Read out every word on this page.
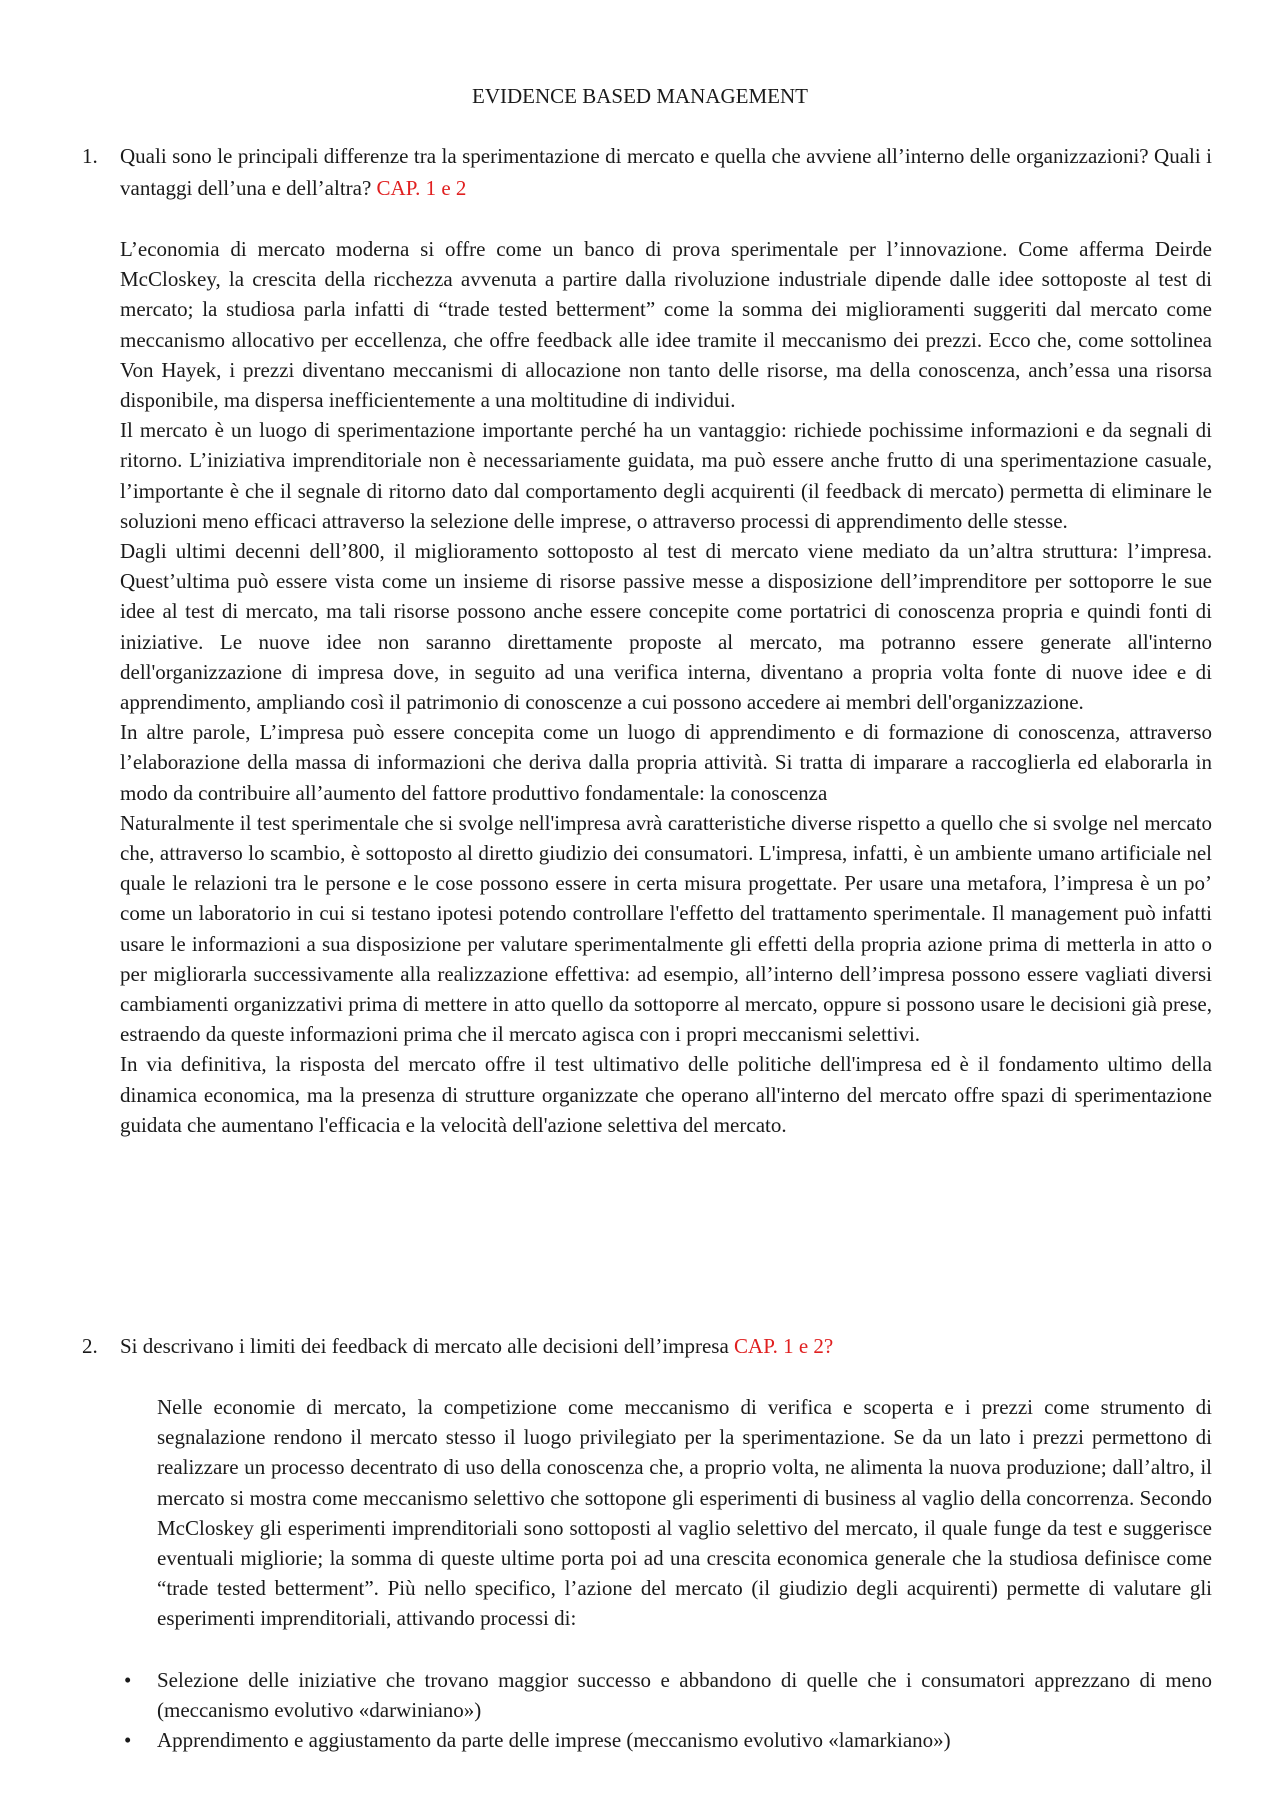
EVIDENCE BASED MANAGEMENT
1. Quali sono le principali differenze tra la sperimentazione di mercato e quella che avviene all’interno delle organizzazioni? Quali i vantaggi dell’una e dell’altra? CAP. 1 e 2

L’economia di mercato moderna si offre come un banco di prova sperimentale per l’innovazione. Come afferma Deirde McCloskey, la crescita della ricchezza avvenuta a partire dalla rivoluzione industriale dipende dalle idee sottoposte al test di mercato; la studiosa parla infatti di “trade tested betterment” come la somma dei miglioramenti suggeriti dal mercato come meccanismo allocativo per eccellenza, che offre feedback alle idee tramite il meccanismo dei prezzi. Ecco che, come sottolinea Von Hayek, i prezzi diventano meccanismi di allocazione non tanto delle risorse, ma della conoscenza, anch’essa una risorsa disponibile, ma dispersa inefficientemente a una moltitudine di individui.

Il mercato è un luogo di sperimentazione importante perché ha un vantaggio: richiede pochissime informazioni e da segnali di ritorno. L’iniziativa imprenditoriale non è necessariamente guidata, ma può essere anche frutto di una sperimentazione casuale, l’importante è che il segnale di ritorno dato dal comportamento degli acquirenti (il feedback di mercato) permetta di eliminare le soluzioni meno efficaci attraverso la selezione delle imprese, o attraverso processi di apprendimento delle stesse.

Dagli ultimi decenni dell’800, il miglioramento sottoposto al test di mercato viene mediato da un’altra struttura: l’impresa. Quest’ultima può essere vista come un insieme di risorse passive messe a disposizione dell’imprenditore per sottoporre le sue idee al test di mercato, ma tali risorse possono anche essere concepite come portatrici di conoscenza propria e quindi fonti di iniziative. Le nuove idee non saranno direttamente proposte al mercato, ma potranno essere generate all'interno dell'organizzazione di impresa dove, in seguito ad una verifica interna, diventano a propria volta fonte di nuove idee e di apprendimento, ampliando così il patrimonio di conoscenze a cui possono accedere ai membri dell'organizzazione.

In altre parole, L’impresa può essere concepita come un luogo di apprendimento e di formazione di conoscenza, attraverso l’elaborazione della massa di informazioni che deriva dalla propria attività. Si tratta di imparare a raccoglierla ed elaborarla in modo da contribuire all’aumento del fattore produttivo fondamentale: la conoscenza

Naturalmente il test sperimentale che si svolge nell'impresa avrà caratteristiche diverse rispetto a quello che si svolge nel mercato che, attraverso lo scambio, è sottoposto al diretto giudizio dei consumatori. L'impresa, infatti, è un ambiente umano artificiale nel quale le relazioni tra le persone e le cose possono essere in certa misura progettate. Per usare una metafora, l’impresa è un po’ come un laboratorio in cui si testano ipotesi potendo controllare l'effetto del trattamento sperimentale. Il management può infatti usare le informazioni a sua disposizione per valutare sperimentalmente gli effetti della propria azione prima di metterla in atto o per migliorarla successivamente alla realizzazione effettiva: ad esempio, all’interno dell’impresa possono essere vagliati diversi cambiamenti organizzativi prima di mettere in atto quello da sottoporre al mercato, oppure si possono usare le decisioni già prese, estraendo da queste informazioni prima che il mercato agisca con i propri meccanismi selettivi.

In via definitiva, la risposta del mercato offre il test ultimativo delle politiche dell'impresa ed è il fondamento ultimo della dinamica economica, ma la presenza di strutture organizzate che operano all'interno del mercato offre spazi di sperimentazione guidata che aumentano l'efficacia e la velocità dell'azione selettiva del mercato.

2. Si descrivano i limiti dei feedback di mercato alle decisioni dell’impresa CAP. 1 e 2?

Nelle economie di mercato, la competizione come meccanismo di verifica e scoperta e i prezzi come strumento di segnalazione rendono il mercato stesso il luogo privilegiato per la sperimentazione. Se da un lato i prezzi permettono di realizzare un processo decentrato di uso della conoscenza che, a proprio volta, ne alimenta la nuova produzione; dall’altro, il mercato si mostra come meccanismo selettivo che sottopone gli esperimenti di business al vaglio della concorrenza. Secondo McCloskey gli esperimenti imprenditoriali sono sottoposti al vaglio selettivo del mercato, il quale funge da test e suggerisce eventuali migliorie; la somma di queste ultime porta poi ad una crescita economica generale che la studiosa definisce come “trade tested betterment”. Più nello specifico, l’azione del mercato (il giudizio degli acquirenti) permette di valutare gli esperimenti imprenditoriali, attivando processi di:

• Selezione delle iniziative che trovano maggior successo e abbandono di quelle che i consumatori apprezzano di meno (meccanismo evolutivo «darwiniano»)
• Apprendimento e aggiustamento da parte delle imprese (meccanismo evolutivo «lamarkiano»)
